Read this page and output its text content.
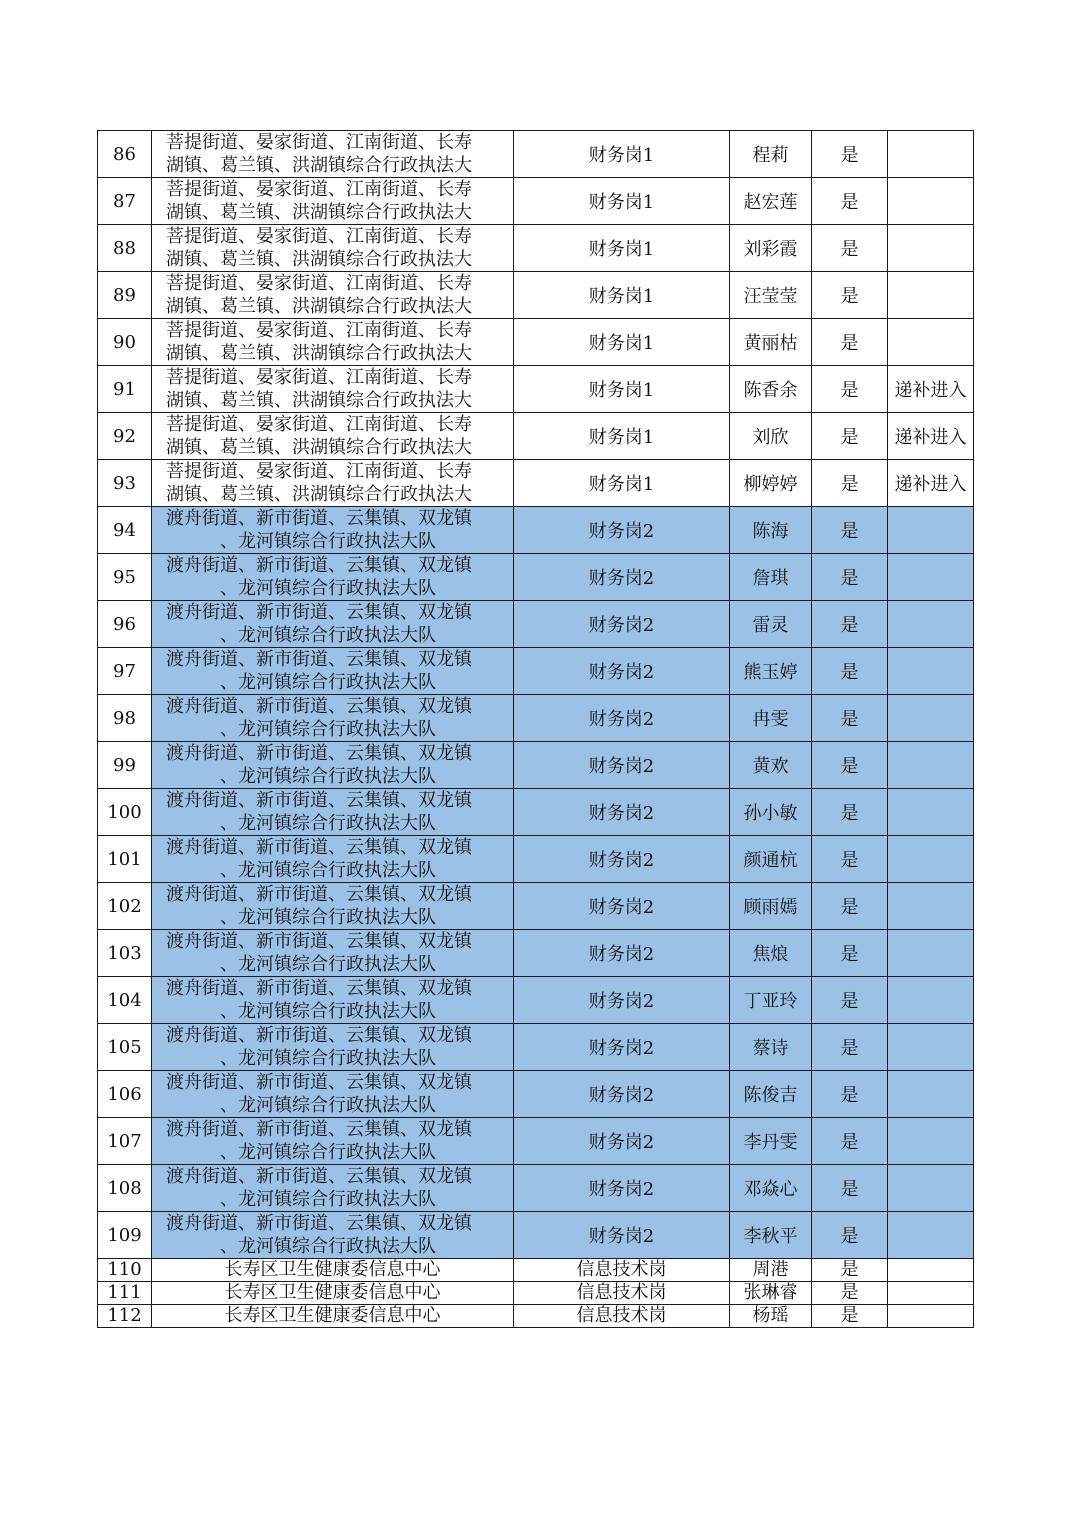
86	菩提街道、晏家街道、江南街道、长寿
湖镇、葛兰镇、洪湖镇综合行政执法大	财务岗1	程莉	是	
87	菩提街道、晏家街道、江南街道、长寿
湖镇、葛兰镇、洪湖镇综合行政执法大	财务岗1	赵宏莲	是	
88	菩提街道、晏家街道、江南街道、长寿
湖镇、葛兰镇、洪湖镇综合行政执法大	财务岗1	刘彩霞	是	
89	菩提街道、晏家街道、江南街道、长寿
湖镇、葛兰镇、洪湖镇综合行政执法大	财务岗1	汪莹莹	是	
90	菩提街道、晏家街道、江南街道、长寿
湖镇、葛兰镇、洪湖镇综合行政执法大	财务岗1	黄丽枯	是	
91	菩提街道、晏家街道、江南街道、长寿
湖镇、葛兰镇、洪湖镇综合行政执法大	财务岗1	陈香余	是	递补进入
92	菩提街道、晏家街道、江南街道、长寿
湖镇、葛兰镇、洪湖镇综合行政执法大	财务岗1	刘欣	是	递补进入
93	菩提街道、晏家街道、江南街道、长寿
湖镇、葛兰镇、洪湖镇综合行政执法大	财务岗1	柳婷婷	是	递补进入
94	渡舟街道、新市街道、云集镇、双龙镇
、龙河镇综合行政执法大队	财务岗2	陈海	是	
95	渡舟街道、新市街道、云集镇、双龙镇
、龙河镇综合行政执法大队	财务岗2	詹琪	是	
96	渡舟街道、新市街道、云集镇、双龙镇
、龙河镇综合行政执法大队	财务岗2	雷灵	是	
97	渡舟街道、新市街道、云集镇、双龙镇
、龙河镇综合行政执法大队	财务岗2	熊玉婷	是	
98	渡舟街道、新市街道、云集镇、双龙镇
、龙河镇综合行政执法大队	财务岗2	冉雯	是	
99	渡舟街道、新市街道、云集镇、双龙镇
、龙河镇综合行政执法大队	财务岗2	黄欢	是	
100	渡舟街道、新市街道、云集镇、双龙镇
、龙河镇综合行政执法大队	财务岗2	孙小敏	是	
101	渡舟街道、新市街道、云集镇、双龙镇
、龙河镇综合行政执法大队	财务岗2	颜通杭	是	
102	渡舟街道、新市街道、云集镇、双龙镇
、龙河镇综合行政执法大队	财务岗2	顾雨嫣	是	
103	渡舟街道、新市街道、云集镇、双龙镇
、龙河镇综合行政执法大队	财务岗2	焦烺	是	
104	渡舟街道、新市街道、云集镇、双龙镇
、龙河镇综合行政执法大队	财务岗2	丁亚玲	是	
105	渡舟街道、新市街道、云集镇、双龙镇
、龙河镇综合行政执法大队	财务岗2	蔡诗	是	
106	渡舟街道、新市街道、云集镇、双龙镇
、龙河镇综合行政执法大队	财务岗2	陈俊吉	是	
107	渡舟街道、新市街道、云集镇、双龙镇
、龙河镇综合行政执法大队	财务岗2	李丹雯	是	
108	渡舟街道、新市街道、云集镇、双龙镇
、龙河镇综合行政执法大队	财务岗2	邓焱心	是	
109	渡舟街道、新市街道、云集镇、双龙镇
、龙河镇综合行政执法大队	财务岗2	李秋平	是	
110	长寿区卫生健康委信息中心	信息技术岗	周港	是	
111	长寿区卫生健康委信息中心	信息技术岗	张琳睿	是	
112	长寿区卫生健康委信息中心	信息技术岗	杨瑶	是	
